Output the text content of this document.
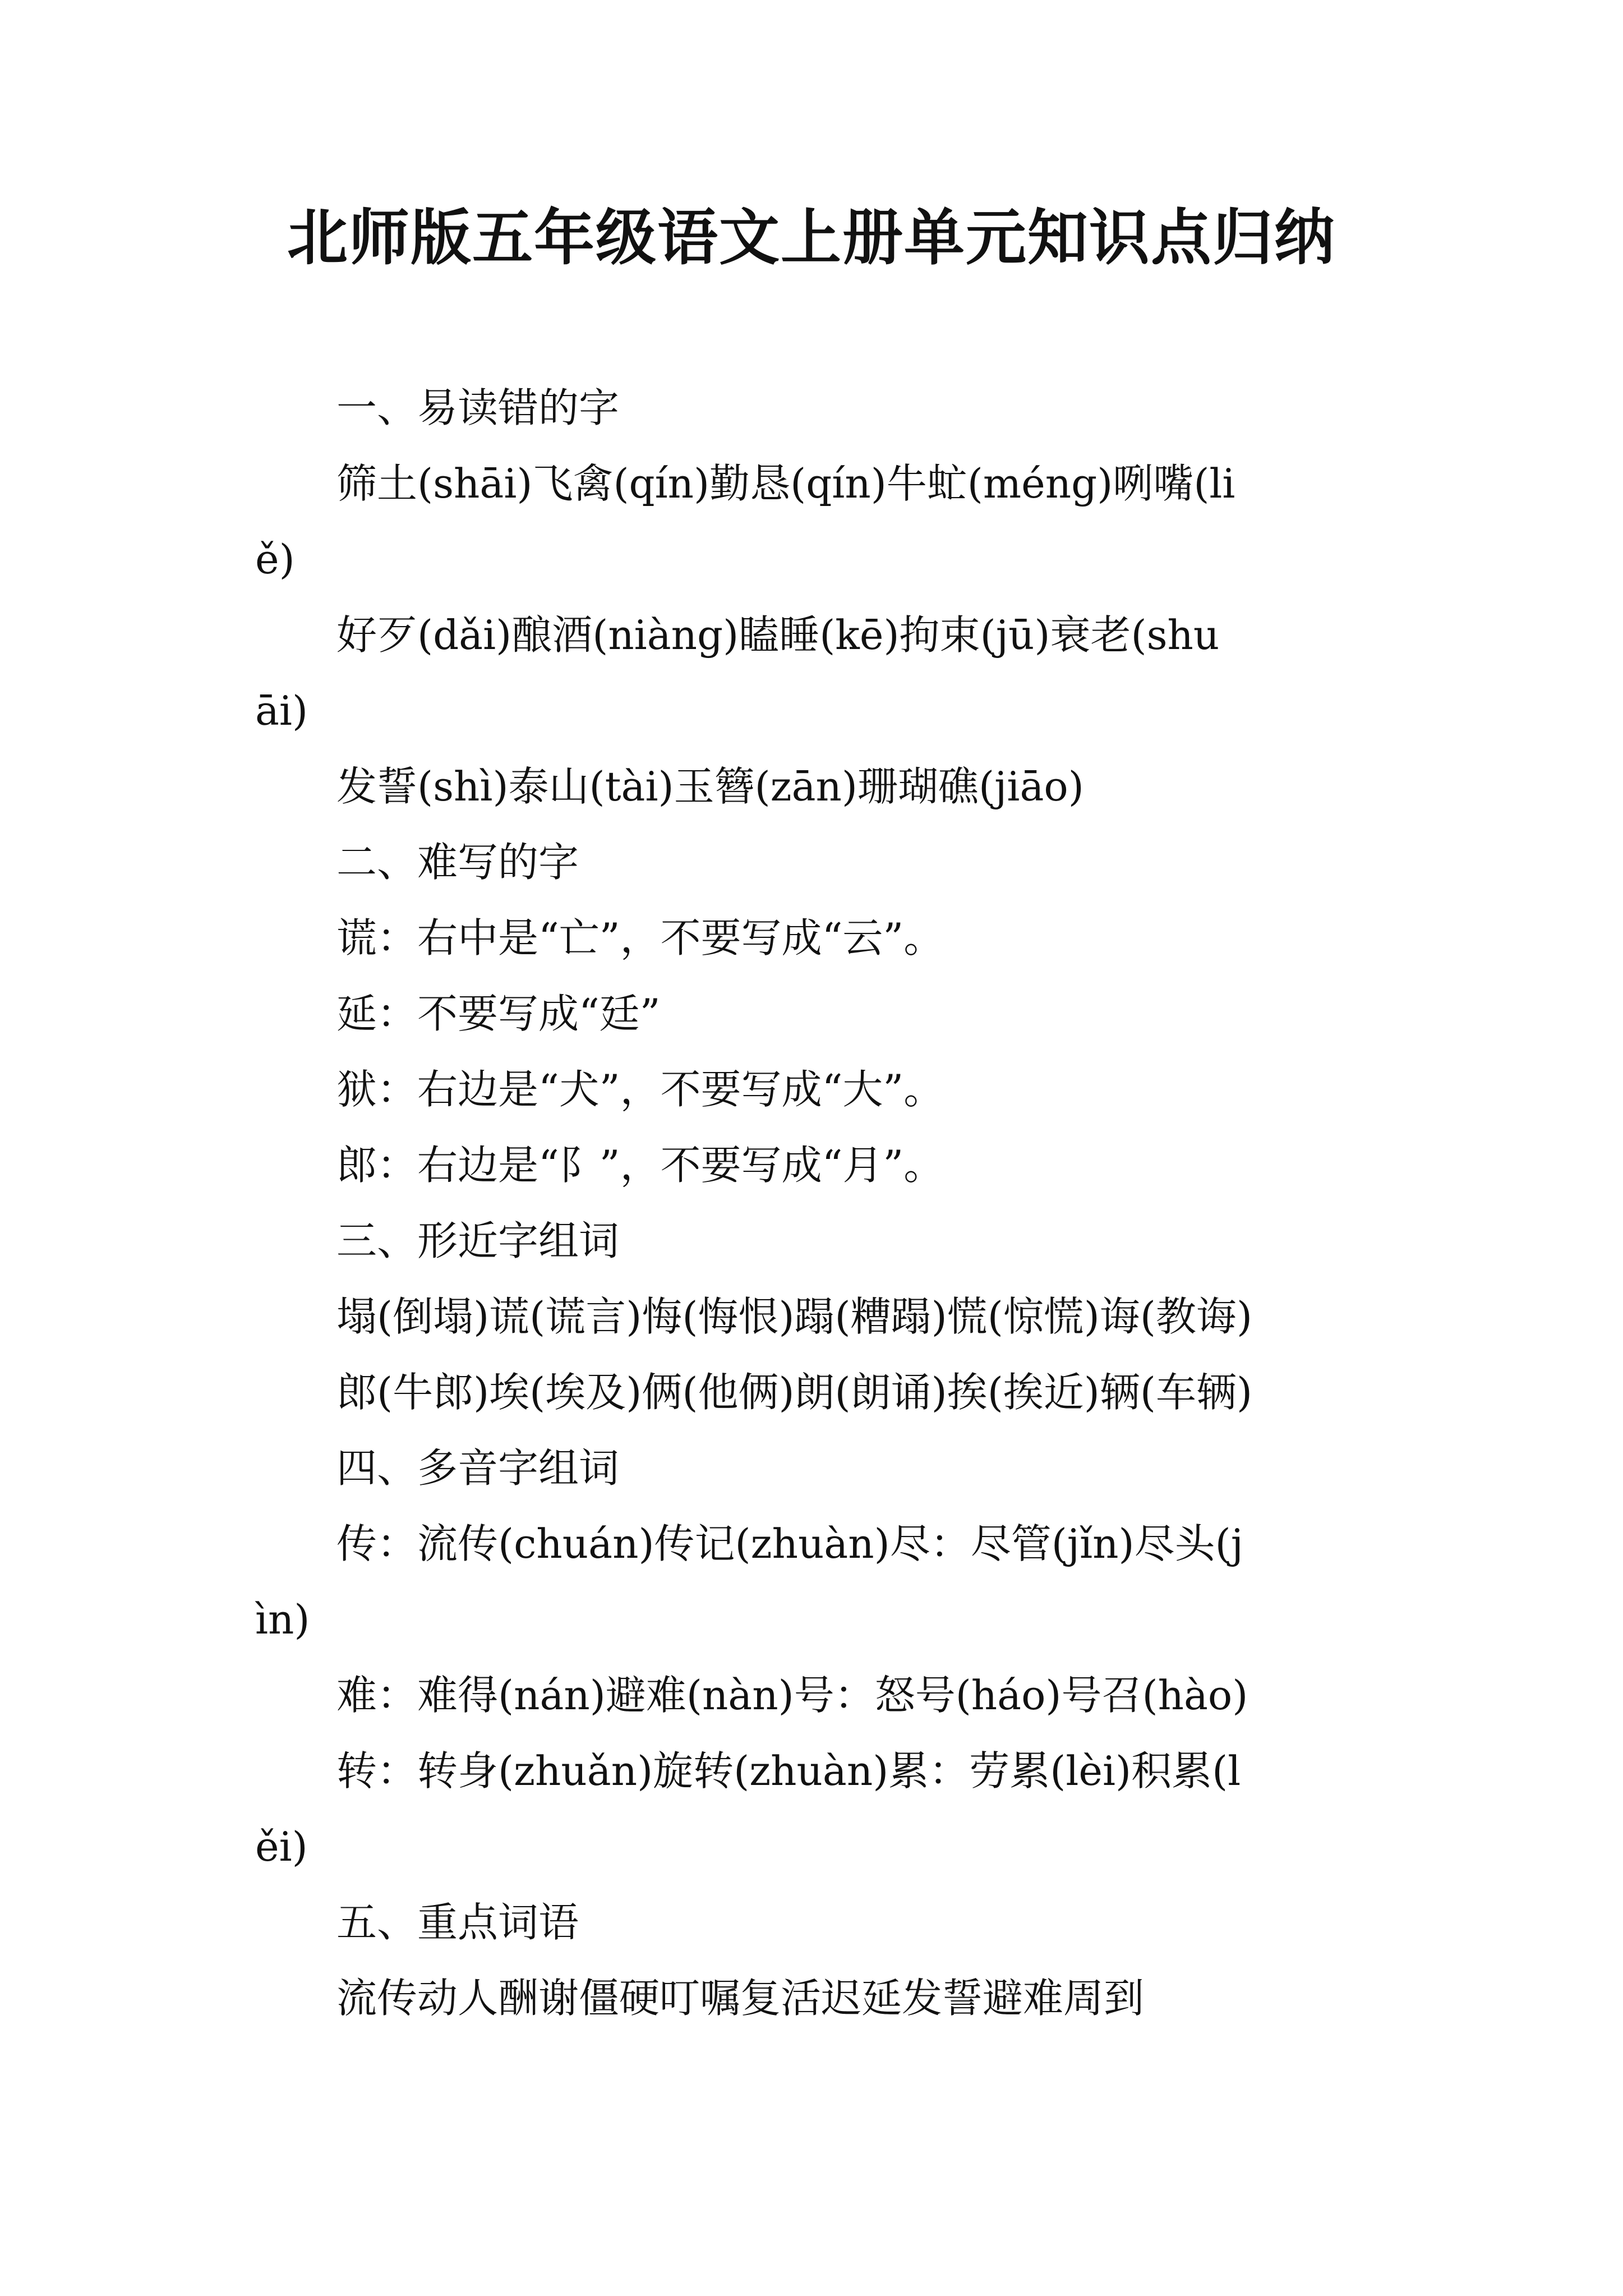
北师版五年级语文上册单元知识点归纳
一、易读错的字
筛土(shāi)飞禽(qín)勤恳(qín)牛虻(méng)咧嘴(li
ě)
好歹(dǎi)酿酒(niàng)瞌睡(kē)拘束(jū)衰老(shu
āi)
发誓(shì)泰山(tài)玉簪(zān)珊瑚礁(jiāo)
二、难写的字
谎：右中是“亡”，不要写成“云”。
延：不要写成“廷”
狱：右边是“犬”，不要写成“大”。
郎：右边是“阝”，不要写成“月”。
三、形近字组词
塌(倒塌)谎(谎言)悔(悔恨)蹋(糟蹋)慌(惊慌)诲(教诲)
郎(牛郎)埃(埃及)俩(他俩)朗(朗诵)挨(挨近)辆(车辆)
四、多音字组词
传：流传(chuán)传记(zhuàn)尽：尽管(jǐn)尽头(j
ìn)
难：难得(nán)避难(nàn)号：怒号(háo)号召(hào)
转：转身(zhuǎn)旋转(zhuàn)累：劳累(lèi)积累(l
ěi)
五、重点词语
流传动人酬谢僵硬叮嘱复活迟延发誓避难周到
